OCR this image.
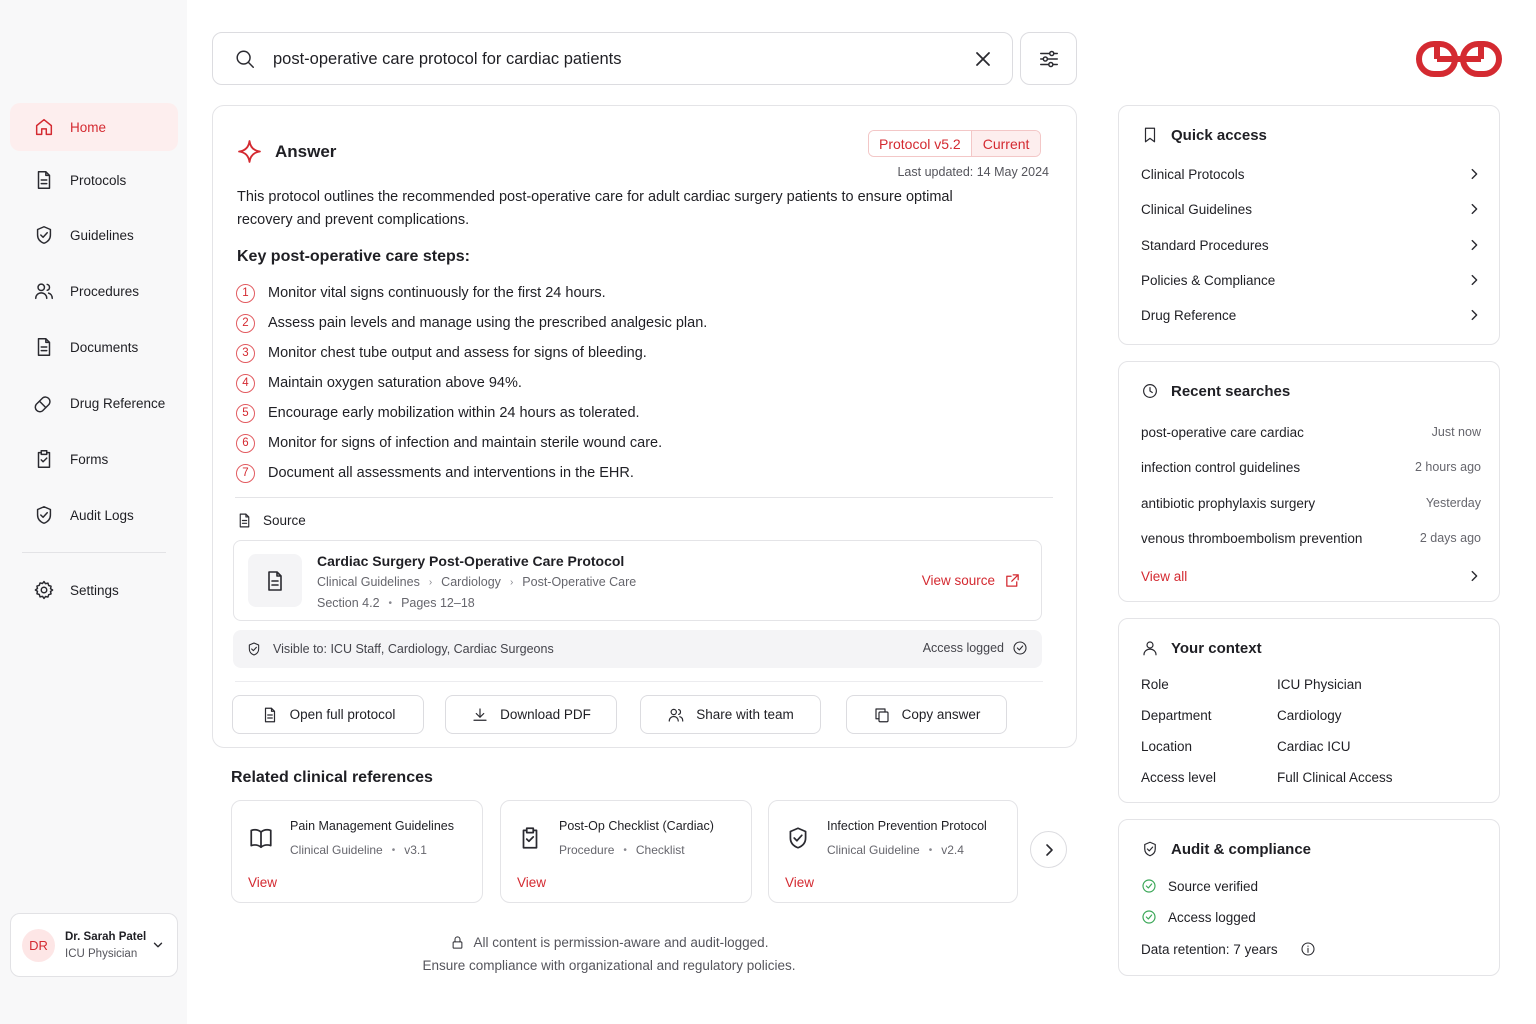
Home
Protocols
Guidelines
Procedures
Documents
Drug Reference
Forms
Audit Logs
Settings
DR
Dr. Sarah Patel
ICU Physician
post-operative care protocol for cardiac patients
Answer	Protocol v5.2	Current
Last updated: 14 May 2024
This protocol outlines the recommended post-operative care for adult cardiac surgery patients to ensure optimal recovery and prevent complications.
Key post-operative care steps:
1	Monitor vital signs continuously for the first 24 hours.
2	Assess pain levels and manage using the prescribed analgesic plan.
3	Monitor chest tube output and assess for signs of bleeding.
4	Maintain oxygen saturation above 94%.
5	Encourage early mobilization within 24 hours as tolerated.
6	Monitor for signs of infection and maintain sterile wound care.
7	Document all assessments and interventions in the EHR.
Source
Cardiac Surgery Post-Operative Care Protocol
Clinical Guidelines › Cardiology › Post-Operative Care
Section 4.2 • Pages 12–18
View source
Visible to: ICU Staff, Cardiology, Cardiac Surgeons	Access logged
Open full protocol	Download PDF	Share with team	Copy answer
Related clinical references
Pain Management Guidelines
Clinical Guideline • v3.1
View
Post-Op Checklist (Cardiac)
Procedure • Checklist
View
Infection Prevention Protocol
Clinical Guideline • v2.4
View
All content is permission-aware and audit-logged.
Ensure compliance with organizational and regulatory policies.
Quick access
Clinical Protocols
Clinical Guidelines
Standard Procedures
Policies & Compliance
Drug Reference
Recent searches
post-operative care cardiac	Just now
infection control guidelines	2 hours ago
antibiotic prophylaxis surgery	Yesterday
venous thromboembolism prevention	2 days ago
View all
Your context
Role	ICU Physician
Department	Cardiology
Location	Cardiac ICU
Access level	Full Clinical Access
Audit & compliance
Source verified
Access logged
Data retention: 7 years
